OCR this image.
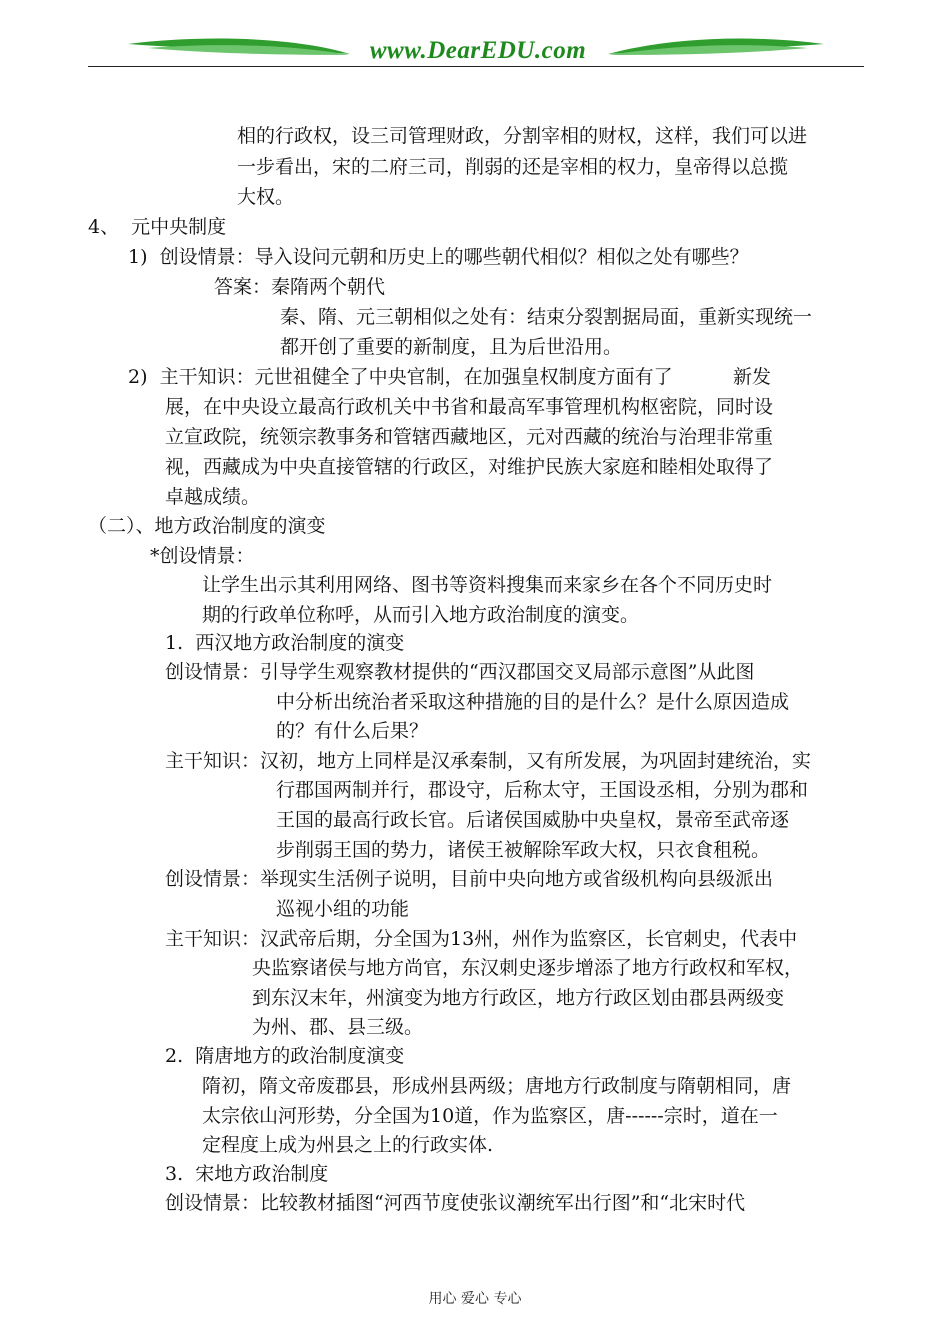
www.DearEDU.com
相的行政权，设三司管理财政，分割宰相的财权，这样，我们可以进
一步看出，宋的二府三司，削弱的还是宰相的权力，皇帝得以总揽
大权。
4、  元中央制度
1)  创设情景：导入设问元朝和历史上的哪些朝代相似？相似之处有哪些？
答案：秦隋两个朝代
秦、隋、元三朝相似之处有：结束分裂割据局面，重新实现统一
都开创了重要的新制度，且为后世沿用。
2)  主干知识：元世祖健全了中央官制，在加强皇权制度方面有了          新发
展，在中央设立最高行政机关中书省和最高军事管理机构枢密院，同时设
立宣政院，统领宗教事务和管辖西藏地区，元对西藏的统治与治理非常重
视，西藏成为中央直接管辖的行政区，对维护民族大家庭和睦相处取得了
卓越成绩。
（二）、地方政治制度的演变
*创设情景：
让学生出示其利用网络、图书等资料搜集而来家乡在各个不同历史时
期的行政单位称呼，从而引入地方政治制度的演变。
1.  西汉地方政治制度的演变
创设情景：引导学生观察教材提供的“西汉郡国交叉局部示意图”从此图
中分析出统治者采取这种措施的目的是什么？是什么原因造成
的？有什么后果？
主干知识：汉初，地方上同样是汉承秦制，又有所发展，为巩固封建统治，实
行郡国两制并行，郡设守，后称太守，王国设丞相，分别为郡和
王国的最高行政长官。后诸侯国威胁中央皇权，景帝至武帝逐
步削弱王国的势力，诸侯王被解除军政大权，只衣食租税。
创设情景：举现实生活例子说明，目前中央向地方或省级机构向县级派出
巡视小组的功能
主干知识：汉武帝后期，分全国为13州，州作为监察区，长官刺史，代表中
央监察诸侯与地方尚官，东汉刺史逐步增添了地方行政权和军权，
到东汉末年，州演变为地方行政区，地方行政区划由郡县两级变
为州、郡、县三级。
2.  隋唐地方的政治制度演变
隋初，隋文帝废郡县，形成州县两级；唐地方行政制度与隋朝相同，唐
太宗依山河形势，分全国为10道，作为监察区，唐------宗时，道在一
定程度上成为州县之上的行政实体.
3.  宋地方政治制度
创设情景：比较教材插图“河西节度使张议潮统军出行图”和“北宋时代
用心 爱心 专心
